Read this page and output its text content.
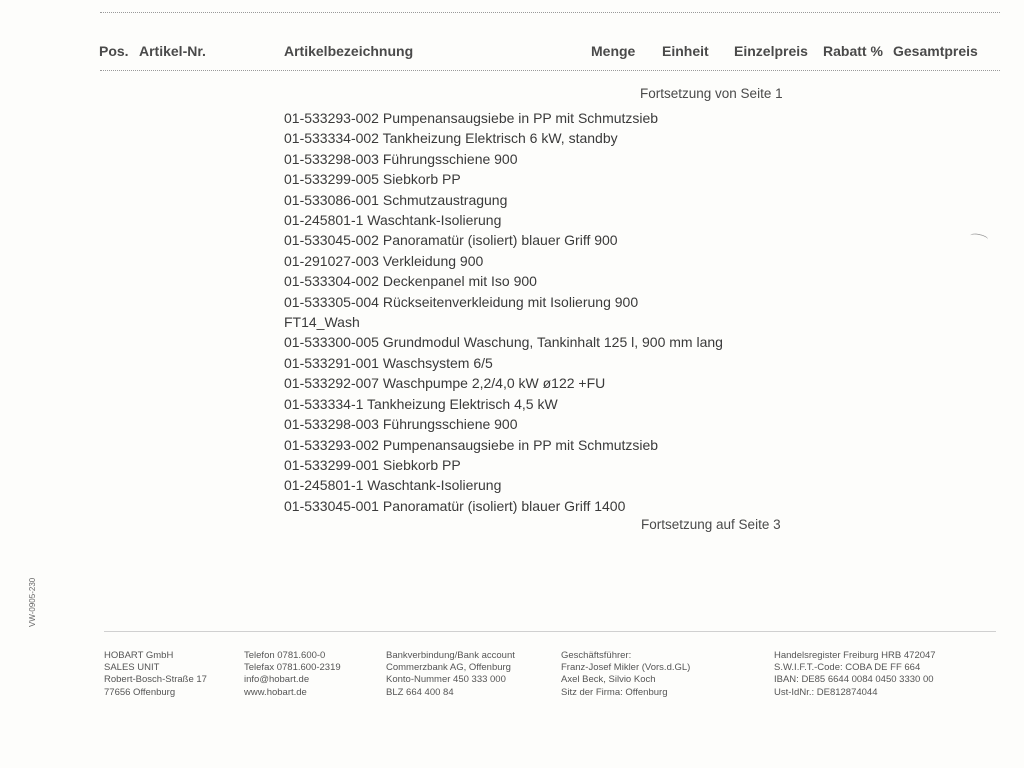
Pos. Artikel-Nr.	Artikelbezeichnung	Menge Einheit Einzelpreis Rabatt % Gesamtpreis
Fortsetzung von Seite 1
01-533293-002 Pumpenansaugsiebe in PP mit Schmutzsieb
01-533334-002 Tankheizung Elektrisch 6 kW, standby
01-533298-003 Führungsschiene 900
01-533299-005 Siebkorb PP
01-533086-001 Schmutzaustragung
01-245801-1 Waschtank-Isolierung
01-533045-002 Panoramatür (isoliert) blauer Griff 900
01-291027-003 Verkleidung 900
01-533304-002 Deckenpanel mit Iso 900
01-533305-004 Rückseitenverkleidung mit Isolierung 900
FT14_Wash
01-533300-005 Grundmodul Waschung, Tankinhalt 125 l, 900 mm lang
01-533291-001 Waschsystem 6/5
01-533292-007 Waschpumpe 2,2/4,0 kW ø122 +FU
01-533334-1 Tankheizung Elektrisch 4,5 kW
01-533298-003 Führungsschiene 900
01-533293-002 Pumpenansaugsiebe in PP mit Schmutzsieb
01-533299-001 Siebkorb PP
01-245801-1 Waschtank-Isolierung
01-533045-001 Panoramatür (isoliert) blauer Griff 1400
Fortsetzung auf Seite 3
VW-0905-230
HOBART GmbH
SALES UNIT
Robert-Bosch-Straße 17
77656 Offenburg
Telefon 0781.600-0
Telefax 0781.600-2319
info@hobart.de
www.hobart.de
Bankverbindung/Bank account
Commerzbank AG, Offenburg
Konto-Nummer 450 333 000
BLZ 664 400 84
Geschäftsführer:
Franz-Josef Mikler (Vors.d.GL)
Axel Beck, Silvio Koch
Sitz der Firma: Offenburg
Handelsregister Freiburg HRB 472047
S.W.I.F.T.-Code: COBA DE FF 664
IBAN: DE85 6644 0084 0450 3330 00
Ust-IdNr.: DE812874044
